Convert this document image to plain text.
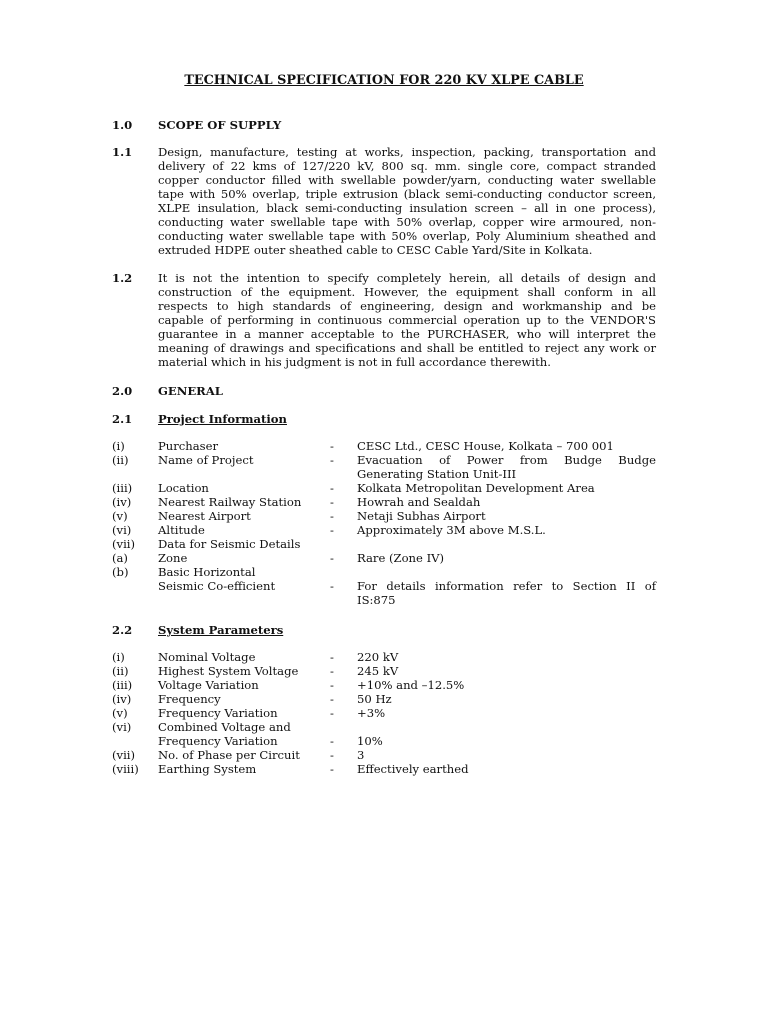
TECHNICAL SPECIFICATION FOR 220 KV XLPE CABLE
1.0 SCOPE OF SUPPLY
1.1 Design, manufacture, testing at works, inspection, packing, transportation and
delivery of 22 kms of 127/220 kV, 800 sq. mm. single core, compact stranded
copper conductor filled with swellable powder/yarn, conducting water swellable
tape with 50% overlap, triple extrusion (black semi-conducting conductor screen,
XLPE insulation, black semi-conducting insulation screen – all in one process),
conducting water swellable tape with 50% overlap, copper wire armoured, non-
conducting water swellable tape with 50% overlap, Poly Aluminium sheathed and
extruded HDPE outer sheathed cable to CESC Cable Yard/Site in Kolkata.
1.2 It is not the intention to specify completely herein, all details of design and
construction of the equipment. However, the equipment shall conform in all
respects to high standards of engineering, design and workmanship and be
capable of performing in continuous commercial operation up to the VENDOR'S
guarantee in a manner acceptable to the PURCHASER, who will interpret the
meaning of drawings and specifications and shall be entitled to reject any work or
material which in his judgment is not in full accordance therewith.
2.0 GENERAL
2.1 Project Information
(i)	Purchaser	- CESC Ltd., CESC House, Kolkata – 700 001
(ii)	Name of Project	- Evacuation of Power from Budge Budge
Generating Station Unit-III
(iii) Location	- Kolkata Metropolitan Development Area
(iv) Nearest Railway Station - Howrah and Sealdah
(v)	Nearest Airport	- Netaji Subhas Airport
(vi) Altitude	- Approximately 3M above M.S.L.
(vii) Data for Seismic Details
(a)	Zone	- Rare (Zone IV)
(b)	Basic Horizontal
Seismic Co-efficient	- For details information refer to Section II of
IS:875
2.2 System Parameters
(i)	Nominal Voltage	- 220 kV
(ii)	Highest System Voltage	- 245 kV
(iii) Voltage Variation	- +10% and –12.5%
(iv) Frequency	- 50 Hz
(v)	Frequency Variation	- +3%
(vi) Combined Voltage and
Frequency Variation	- 10%
(vii) No. of Phase per Circuit	- 3
(viii) Earthing System	- Effectively earthed
